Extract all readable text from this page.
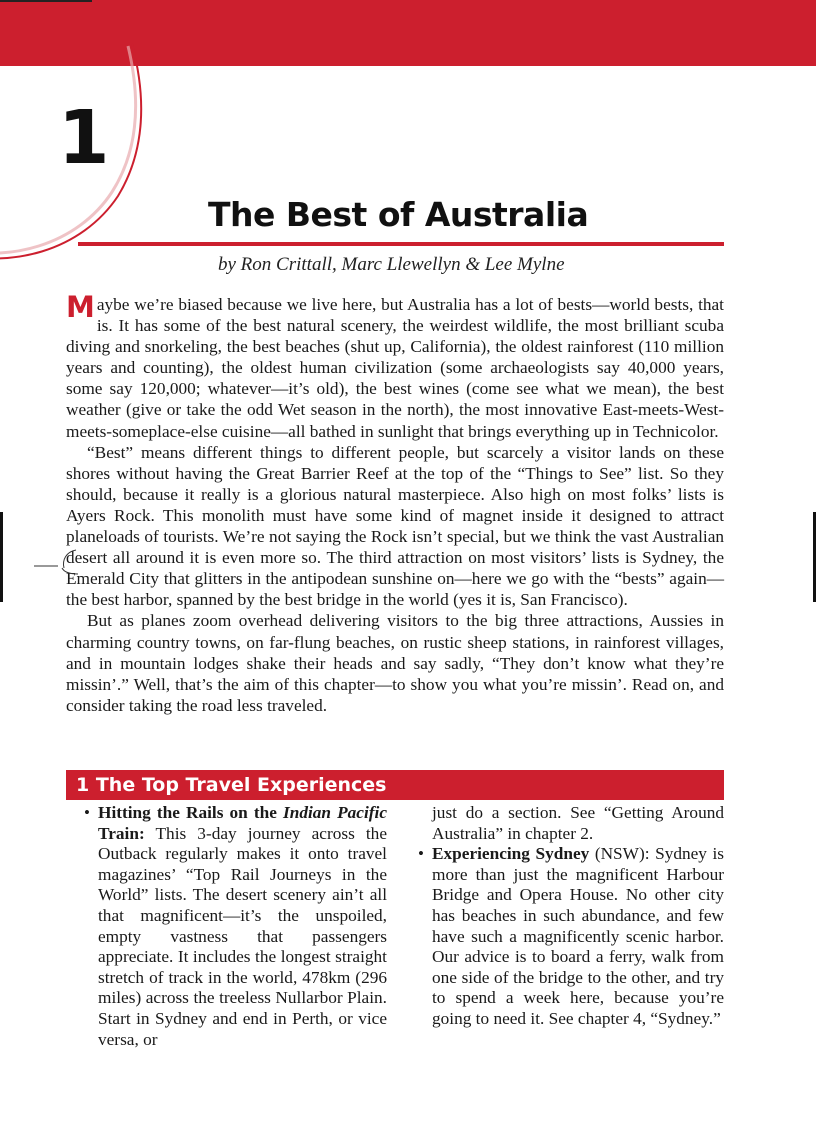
1
The Best of Australia
by Ron Crittall, Marc Llewellyn & Lee Mylne

Maybe we’re biased because we live here, but Australia has a lot of bests—world bests, that is. It has some of the best natural scenery, the weirdest wildlife, the most brilliant scuba diving and snorkeling, the best beaches (shut up, California), the oldest rainforest (110 million years and counting), the oldest human civilization (some archaeologists say 40,000 years, some say 120,000; whatever—it’s old), the best wines (come see what we mean), the best weather (give or take the odd Wet season in the north), the most innovative East-meets-West-meets-someplace-else cuisine—all bathed in sunlight that brings everything up in Technicolor.

“Best” means different things to different people, but scarcely a visitor lands on these shores without having the Great Barrier Reef at the top of the “Things to See” list. So they should, because it really is a glorious natural masterpiece. Also high on most folks’ lists is Ayers Rock. This monolith must have some kind of magnet inside it designed to attract planeloads of tourists. We’re not saying the Rock isn’t special, but we think the vast Australian desert all around it is even more so. The third attraction on most visitors’ lists is Sydney, the Emerald City that glitters in the antipodean sunshine on—here we go with the “bests” again—the best harbor, spanned by the best bridge in the world (yes it is, San Francisco).

But as planes zoom overhead delivering visitors to the big three attractions, Aussies in charming country towns, on far-flung beaches, on rustic sheep stations, in rainforest villages, and in mountain lodges shake their heads and say sadly, “They don’t know what they’re missin’.” Well, that’s the aim of this chapter—to show you what you’re missin’. Read on, and consider taking the road less traveled.

1 The Top Travel Experiences
• Hitting the Rails on the Indian Pacific Train: This 3-day journey across the Outback regularly makes it onto travel magazines’ “Top Rail Journeys in the World” lists. The desert scenery ain’t all that magnificent—it’s the unspoiled, empty vastness that passengers appreciate. It includes the longest straight stretch of track in the world, 478km (296 miles) across the treeless Nullarbor Plain. Start in Sydney and end in Perth, or vice versa, or

just do a section. See “Getting Around Australia” in chapter 2.

• Experiencing Sydney (NSW): Sydney is more than just the magnificent Harbour Bridge and Opera House. No other city has beaches in such abundance, and few have such a magnificently scenic harbor. Our advice is to board a ferry, walk from one side of the bridge to the other, and try to spend a week here, because you’re going to need it. See chapter 4, “Sydney.”
